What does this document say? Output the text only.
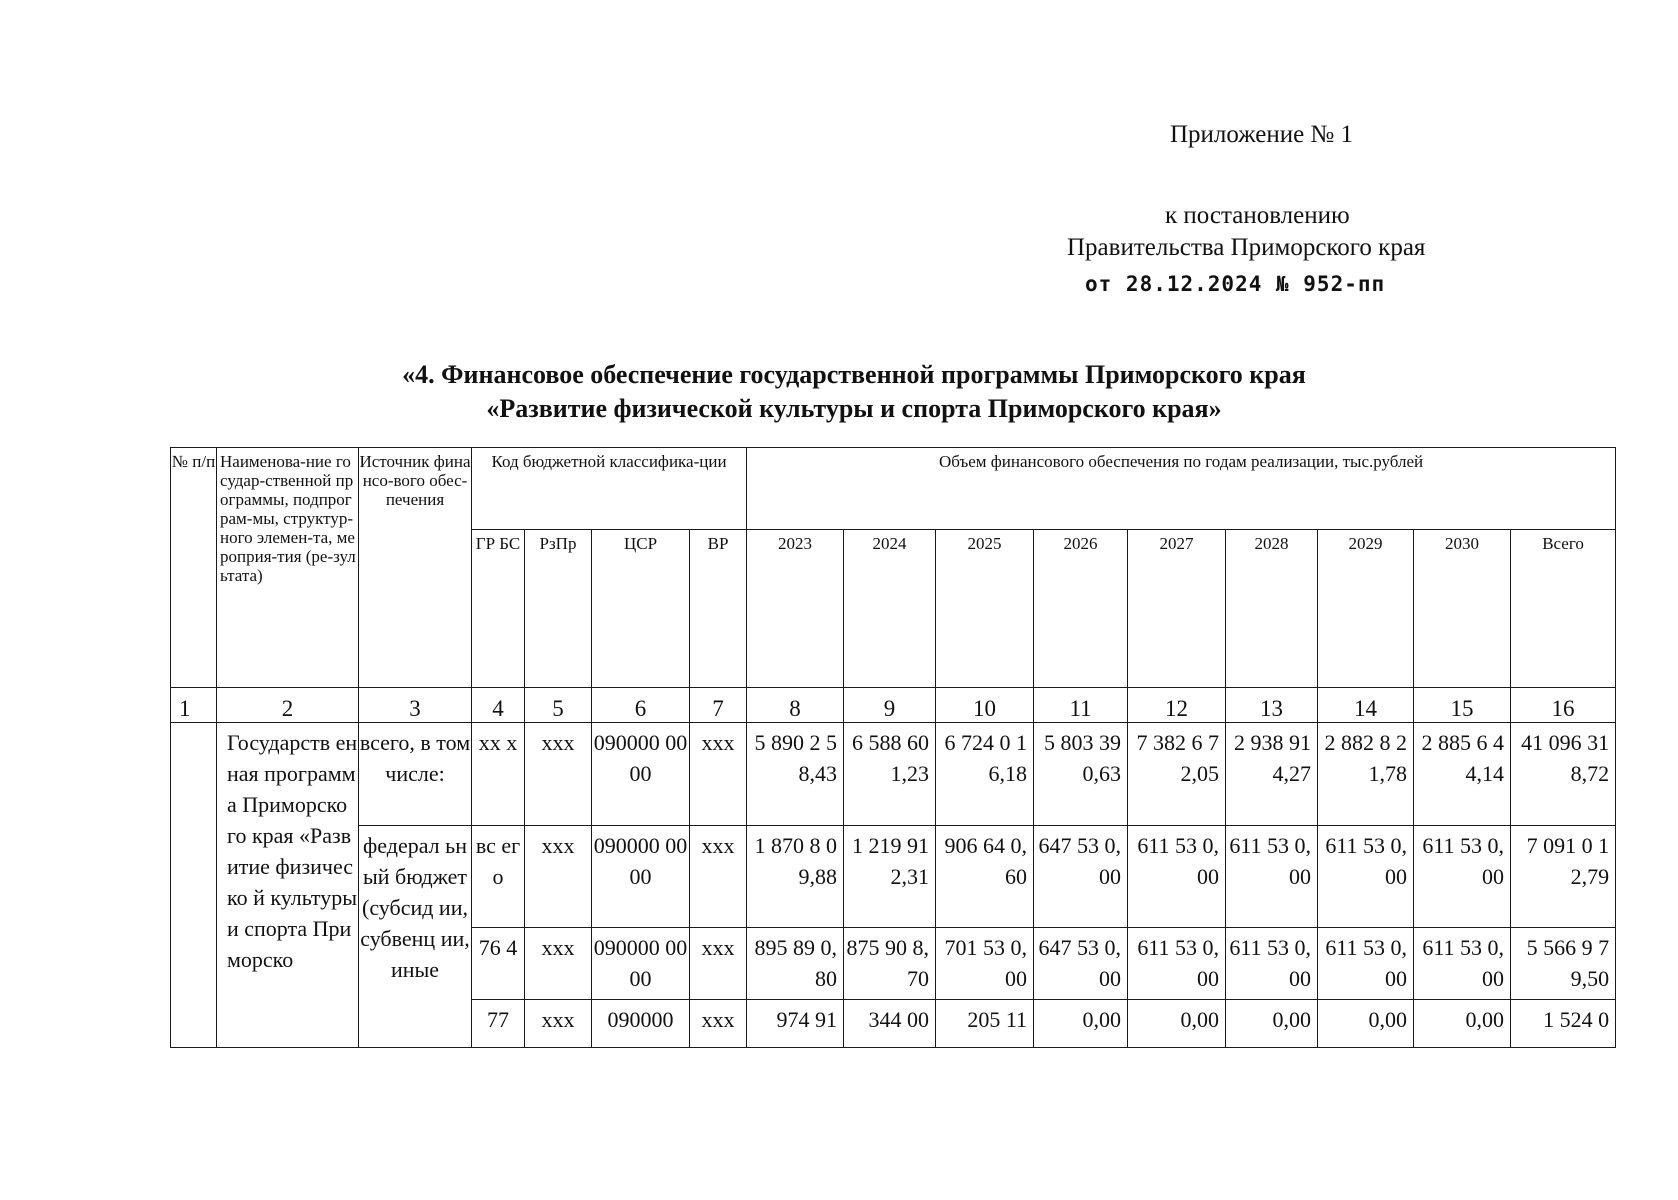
Приложение № 1
к постановлению
Правительства Приморского края
от 28.12.2024 № 952-пп
«4. Финансовое обеспечение государственной программы Приморского края
«Развитие физической культуры и спорта Приморского края»
№ п/п	Наименова-ние государ-ственной программы, подпрограм-мы, структур-ного элемен-та, мероприя-тия (ре-зультата)	Источник финансо-вого обес-печения	Код бюджетной классифика-ции				Объем финансового обеспечения по годам реализации, тыс.рублей								
			ГР БС	РзПр	ЦСР	ВР	2023	2024	2025	2026	2027	2028	2029	2030	Всего
1	2	3	4	5	6	7	8	9	10	11	12	13	14	15	16
	Государств енная программа Приморско го края «Развитие физическо й культуры и спорта Приморско	всего, в том числе:	xx x	xxx	090000 0000	xxx	5 890 2 58,43	6 588 601,23	6 724 0 16,18	5 803 390,63	7 382 6 72,05	2 938 914,27	2 882 8 21,78	2 885 6 44,14	41 096 318,72
		федерал ьный бюджет (субсид ии, субвенц ии, иные	вс ег о	xxx	090000 0000	xxx	1 870 8 09,88	1 219 912,31	906 64 0,60	647 53 0,00	611 53 0,00	611 53 0,00	611 53 0,00	611 53 0,00	7 091 0 12,79
			76 4	xxx	090000 0000	xxx	895 89 0,80	875 90 8,70	701 53 0,00	647 53 0,00	611 53 0,00	611 53 0,00	611 53 0,00	611 53 0,00	5 566 9 79,50
			77	xxx	090000	xxx	974 91	344 00	205 11	0,00	0,00	0,00	0,00	0,00	1 524 0
